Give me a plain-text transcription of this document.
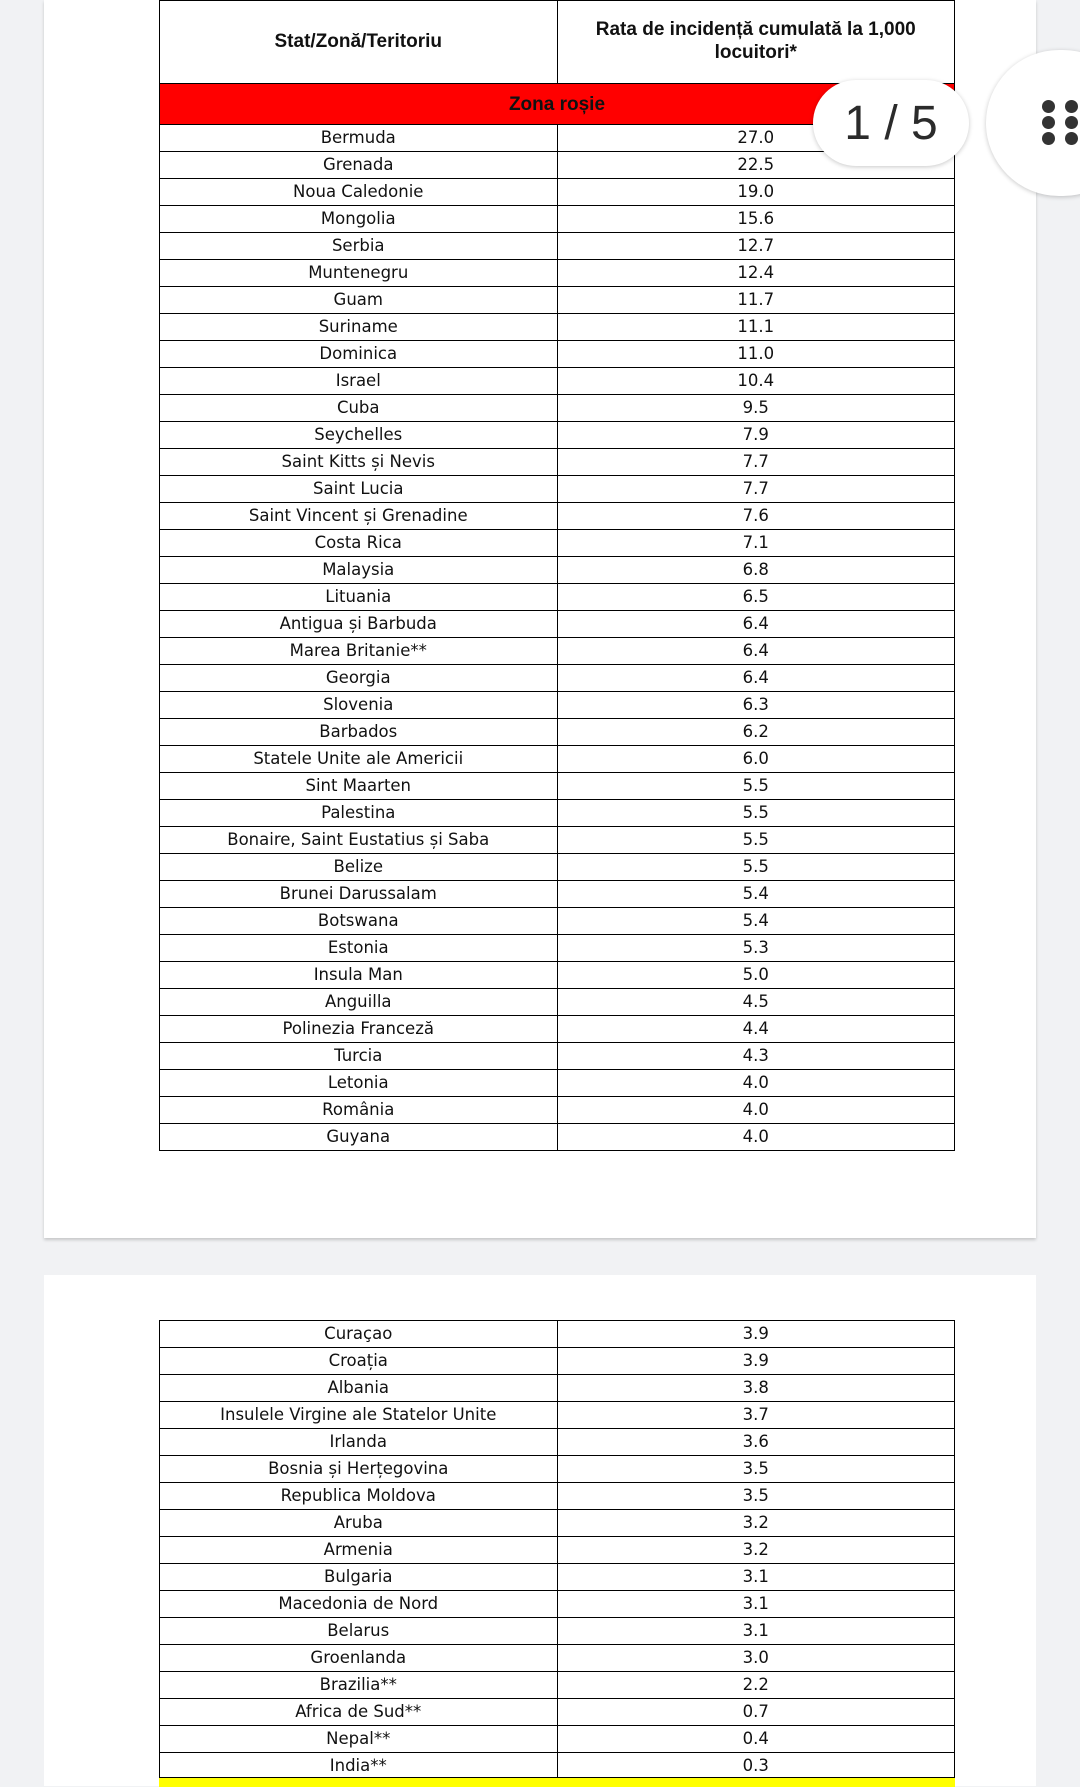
Stat/Zonă/Teritoriu	Rata de incidență cumulată la 1,000 locuitori*
Zona roșie	
Bermuda	27.0
Grenada	22.5
Noua Caledonie	19.0
Mongolia	15.6
Serbia	12.7
Muntenegru	12.4
Guam	11.7
Suriname	11.1
Dominica	11.0
Israel	10.4
Cuba	9.5
Seychelles	7.9
Saint Kitts și Nevis	7.7
Saint Lucia	7.7
Saint Vincent și Grenadine	7.6
Costa Rica	7.1
Malaysia	6.8
Lituania	6.5
Antigua și Barbuda	6.4
Marea Britanie**	6.4
Georgia	6.4
Slovenia	6.3
Barbados	6.2
Statele Unite ale Americii	6.0
Sint Maarten	5.5
Palestina	5.5
Bonaire, Saint Eustatius și Saba	5.5
Belize	5.5
Brunei Darussalam	5.4
Botswana	5.4
Estonia	5.3
Insula Man	5.0
Anguilla	4.5
Polinezia Franceză	4.4
Turcia	4.3
Letonia	4.0
România	4.0
Guyana	4.0
Curaçao	3.9
Croația	3.9
Albania	3.8
Insulele Virgine ale Statelor Unite	3.7
Irlanda	3.6
Bosnia și Herțegovina	3.5
Republica Moldova	3.5
Aruba	3.2
Armenia	3.2
Bulgaria	3.1
Macedonia de Nord	3.1
Belarus	3.1
Groenlanda	3.0
Brazilia**	2.2
Africa de Sud**	0.7
Nepal**	0.4
India**	0.3
1 / 5
